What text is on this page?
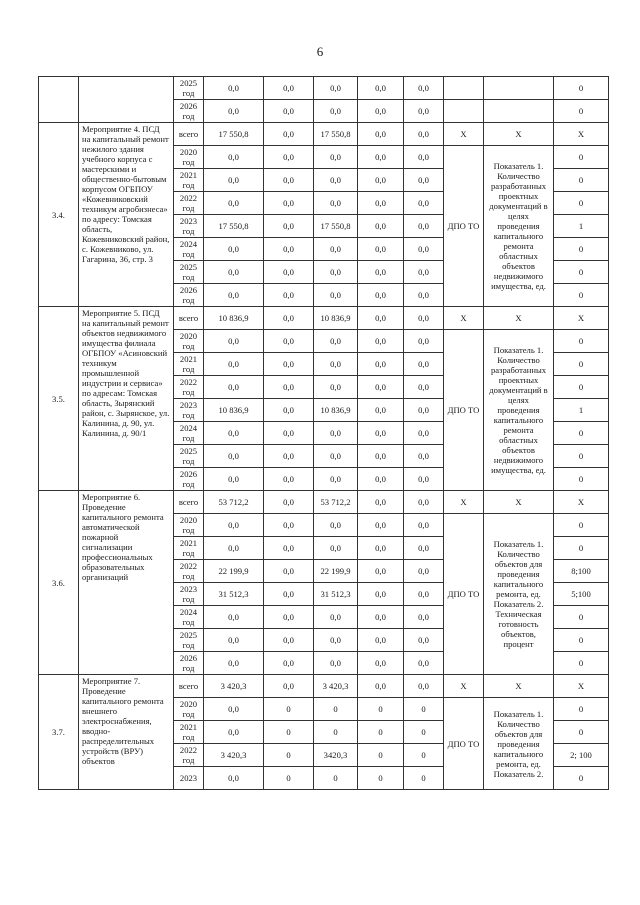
6
		2025 год	0,0	0,0	0,0	0,0	0,0			0
		2026 год	0,0	0,0	0,0	0,0	0,0			0
3.4.	Мероприятие 4. ПСД на капитальный ремонт нежилого здания учебного корпуса с мастерскими и общественно-бытовым корпусом ОГБПОУ «Кожевниковский техникум агробизнеса» по адресу: Томская область, Кожевниковский район, с. Кожевниково, ул. Гагарина, 36, стр. 3	всего	17 550,8	0,0	17 550,8	0,0	0,0	X	X	X
		2020 год	0,0	0,0	0,0	0,0	0,0	ДПО ТО	Показатель 1. Количество разработанных проектных документаций в целях проведения капитального ремонта областных объектов недвижимого имущества, ед.	0
		2021 год	0,0	0,0	0,0	0,0	0,0			0
		2022 год	0,0	0,0	0,0	0,0	0,0			0
		2023 год	17 550,8	0,0	17 550,8	0,0	0,0			1
		2024 год	0,0	0,0	0,0	0,0	0,0			0
		2025 год	0,0	0,0	0,0	0,0	0,0			0
		2026 год	0,0	0,0	0,0	0,0	0,0			0
3.5.	Мероприятие 5. ПСД на капитальный ремонт объектов недвижимого имущества филиала ОГБПОУ «Асиновский техникум промышленной индустрии и сервиса» по адресам: Томская область, Зырянский район, с. Зырянское, ул. Калинина, д. 90, ул. Калинина, д. 90/1	всего	10 836,9	0,0	10 836,9	0,0	0,0	X	X	X
		2020 год	0,0	0,0	0,0	0,0	0,0	ДПО ТО	Показатель 1. Количество разработанных проектных документаций в целях проведения капитального ремонта областных объектов недвижимого имущества, ед.	0
		2021 год	0,0	0,0	0,0	0,0	0,0			0
		2022 год	0,0	0,0	0,0	0,0	0,0			0
		2023 год	10 836,9	0,0	10 836,9	0,0	0,0			1
		2024 год	0,0	0,0	0,0	0,0	0,0			0
		2025 год	0,0	0,0	0,0	0,0	0,0			0
		2026 год	0,0	0,0	0,0	0,0	0,0			0
3.6.	Мероприятие 6. Проведение капитального ремонта автоматической пожарной сигнализации профессиональных образовательных организаций	всего	53 712,2	0,0	53 712,2	0,0	0,0	X	X	X
		2020 год	0,0	0,0	0,0	0,0	0,0	ДПО ТО	Показатель 1. Количество объектов для проведения капитального ремонта, ед. Показатель 2. Техническая готовность объектов, процент	0
		2021 год	0,0	0,0	0,0	0,0	0,0			0
		2022 год	22 199,9	0,0	22 199,9	0,0	0,0			8;100
		2023 год	31 512,3	0,0	31 512,3	0,0	0,0			5;100
		2024 год	0,0	0,0	0,0	0,0	0,0			0
		2025 год	0,0	0,0	0,0	0,0	0,0			0
		2026 год	0,0	0,0	0,0	0,0	0,0			0
3.7.	Мероприятие 7. Проведение капитального ремонта внешнего электроснабжения, вводно-распределительных устройств (ВРУ) объектов	всего	3 420,3	0,0	3 420,3	0,0	0,0	X	X	X
		2020 год	0,0	0	0	0	0	ДПО ТО	Показатель 1. Количество объектов для проведения капитального ремонта, ед. Показатель 2.	0
		2021 год	0,0	0	0	0	0			0
		2022 год	3 420,3	0	3420,3	0	0			2; 100
		2023	0,0	0	0	0	0			0
